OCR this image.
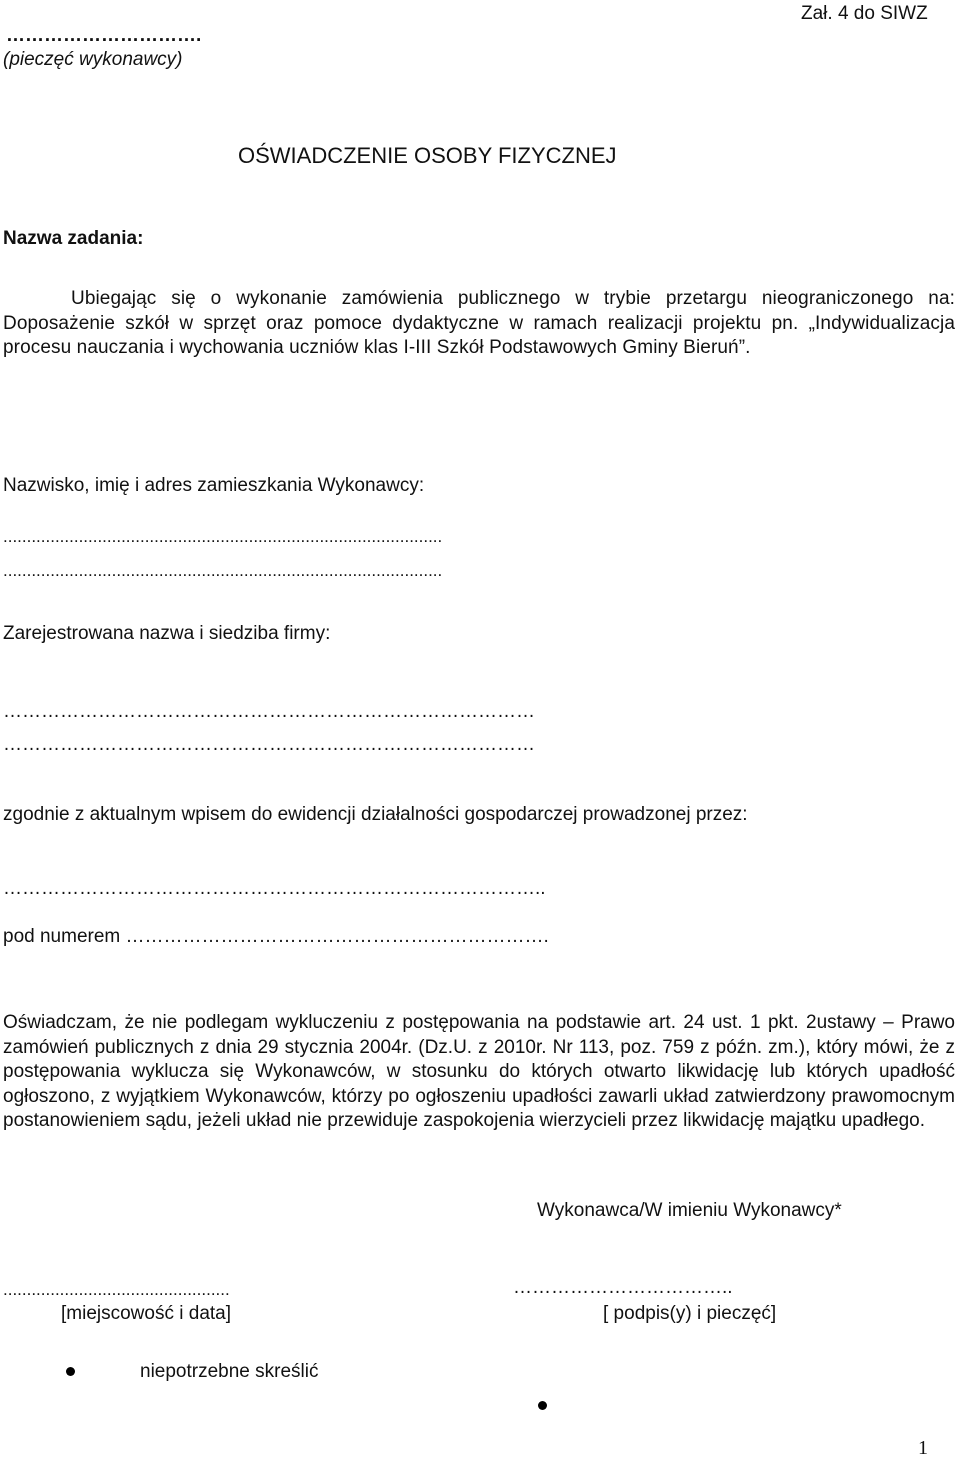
Zał. 4 do SIWZ
………………………….
(pieczęć wykonawcy)
OŚWIADCZENIE OSOBY FIZYCZNEJ
Nazwa zadania:
Ubiegając się o wykonanie zamówienia publicznego w trybie przetargu nieograniczonego na: Doposażenie szkół w sprzęt oraz pomoce dydaktyczne w ramach realizacji projektu pn. „Indywidualizacja procesu nauczania i wychowania uczniów klas I-III Szkół Podstawowych Gminy Bieruń”.
Nazwisko, imię i adres zamieszkania Wykonawcy:
.............................................................................................
.............................................................................................
Zarejestrowana nazwa i siedziba firmy:
…………………………………………………………………………
…………………………………………………………………………
zgodnie z aktualnym wpisem do ewidencji działalności gospodarczej prowadzonej przez:
…………………………………………………………………………..
pod numerem ………………………………………………………….
Oświadczam, że nie podlegam wykluczeniu z postępowania na podstawie art. 24 ust. 1 pkt. 2ustawy – Prawo zamówień publicznych z dnia 29 stycznia 2004r. (Dz.U. z 2010r. Nr 113, poz. 759 z późn. zm.), który mówi, że z postępowania wyklucza się Wykonawców, w stosunku do których otwarto likwidację lub których upadłość ogłoszono, z wyjątkiem Wykonawców, którzy po ogłoszeniu upadłości zawarli układ zatwierdzony prawomocnym postanowieniem sądu, jeżeli układ nie przewiduje zaspokojenia wierzycieli przez likwidację majątku upadłego.
Wykonawca/W imieniu Wykonawcy*
................................................	……………………………..
[miejscowość i data]	[ podpis(y) i pieczęć]
niepotrzebne skreślić
1
